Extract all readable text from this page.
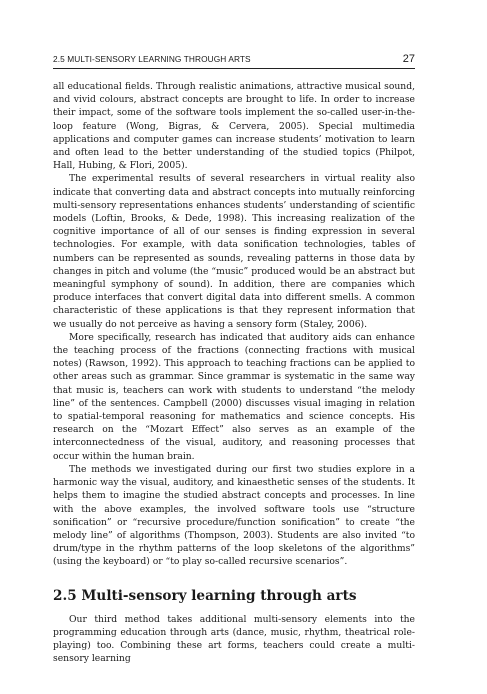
2.5 MULTI-SENSORY LEARNING THROUGH ARTS	27

all educational fields. Through realistic animations, attractive musical sound, and vivid colours, abstract concepts are brought to life. In order to increase their impact, some of the software tools implement the so-called user-in-the-loop feature (Wong, Bigras, & Cervera, 2005). Special multimedia applications and computer games can increase students’ motivation to learn and often lead to the better understanding of the studied topics (Philpot, Hall, Hubing, & Flori, 2005).

The experimental results of several researchers in virtual reality also indicate that converting data and abstract concepts into mutually reinforcing multi-sensory representations enhances students’ understanding of scientific models (Loftin, Brooks, & Dede, 1998). This increasing realization of the cognitive importance of all of our senses is finding expression in several technologies. For example, with data sonification technologies, tables of numbers can be represented as sounds, revealing patterns in those data by changes in pitch and volume (the “music” produced would be an abstract but meaningful symphony of sound). In addition, there are companies which produce interfaces that convert digital data into different smells. A common characteristic of these applications is that they represent information that we usually do not perceive as having a sensory form (Staley, 2006).

More specifically, research has indicated that auditory aids can enhance the teaching process of the fractions (connecting fractions with musical notes) (Rawson, 1992). This approach to teaching fractions can be applied to other areas such as grammar. Since grammar is systematic in the same way that music is, teachers can work with students to understand “the melody line” of the sentences. Campbell (2000) discusses visual imaging in relation to spatial-temporal reasoning for mathematics and science concepts. His research on the “Mozart Effect” also serves as an example of the interconnectedness of the visual, auditory, and reasoning processes that occur within the human brain.

The methods we investigated during our first two studies explore in a harmonic way the visual, auditory, and kinaesthetic senses of the students. It helps them to imagine the studied abstract concepts and processes. In line with the above examples, the involved software tools use “structure sonification” or “recursive procedure/function sonification” to create “the melody line” of algorithms (Thompson, 2003). Students are also invited “to drum/type in the rhythm patterns of the loop skeletons of the algorithms” (using the keyboard) or “to play so-called recursive scenarios”.

2.5 Multi-sensory learning through arts

Our third method takes additional multi-sensory elements into the programming education through arts (dance, music, rhythm, theatrical role-playing) too. Combining these art forms, teachers could create a multi-sensory learning
